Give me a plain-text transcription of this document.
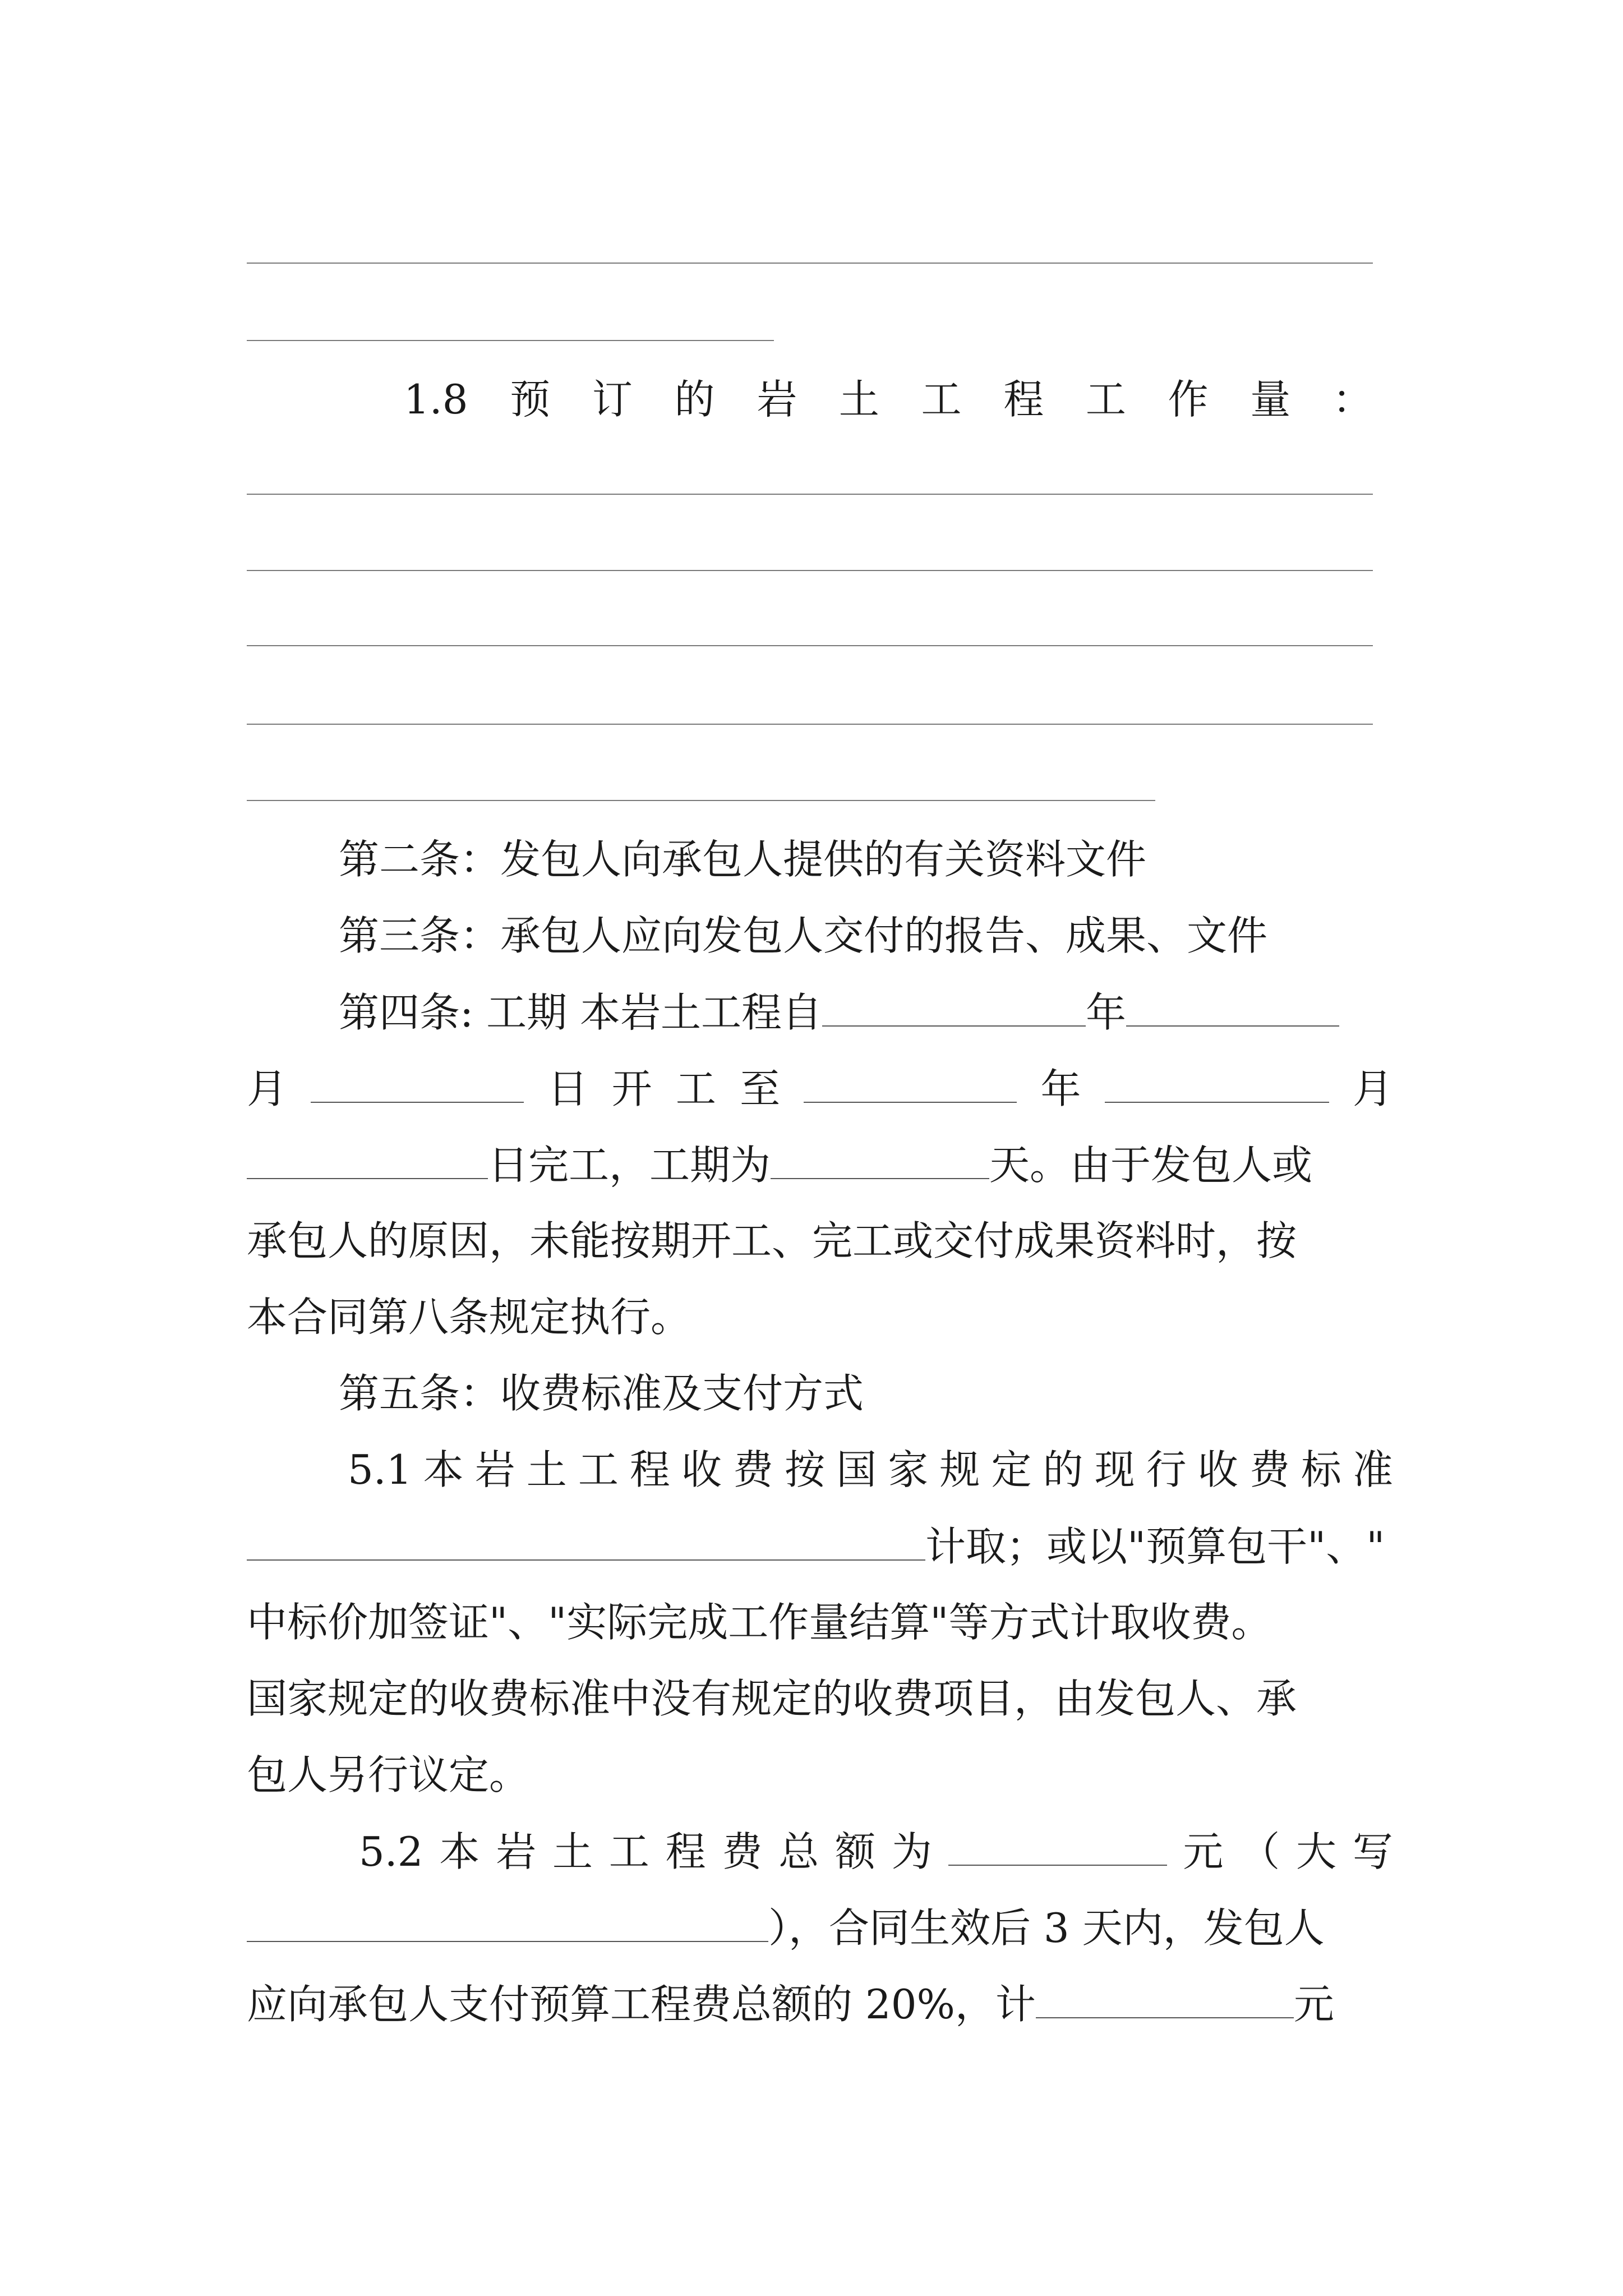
1.8 预 订 的 岩 土 工 程 工 作 量 ：
第二条：发包人向承包人提供的有关资料文件
第三条：承包人应向发包人交付的报告、成果、文件
第四条: 工期 本岩土工程自	年
月	日 开 工 至	年	月
日完工，工期为	天。由于发包人或
承包人的原因，未能按期开工、完工或交付成果资料时，按
本合同第八条规定执行。
第五条：收费标准及支付方式
5.1 本 岩 土 工 程 收 费 按 国 家 规 定 的 现 行 收 费 标 准
计取；或以"预算包干"、"
中标价加签证"、"实际完成工作量结算"等方式计取收费。
国家规定的收费标准中没有规定的收费项目，由发包人、承
包人另行议定。
5.2 本 岩 土 工 程 费 总 额 为	元 （ 大 写
），合同生效后 3 天内，发包人
应向承包人支付预算工程费总额的 20%，计	元
